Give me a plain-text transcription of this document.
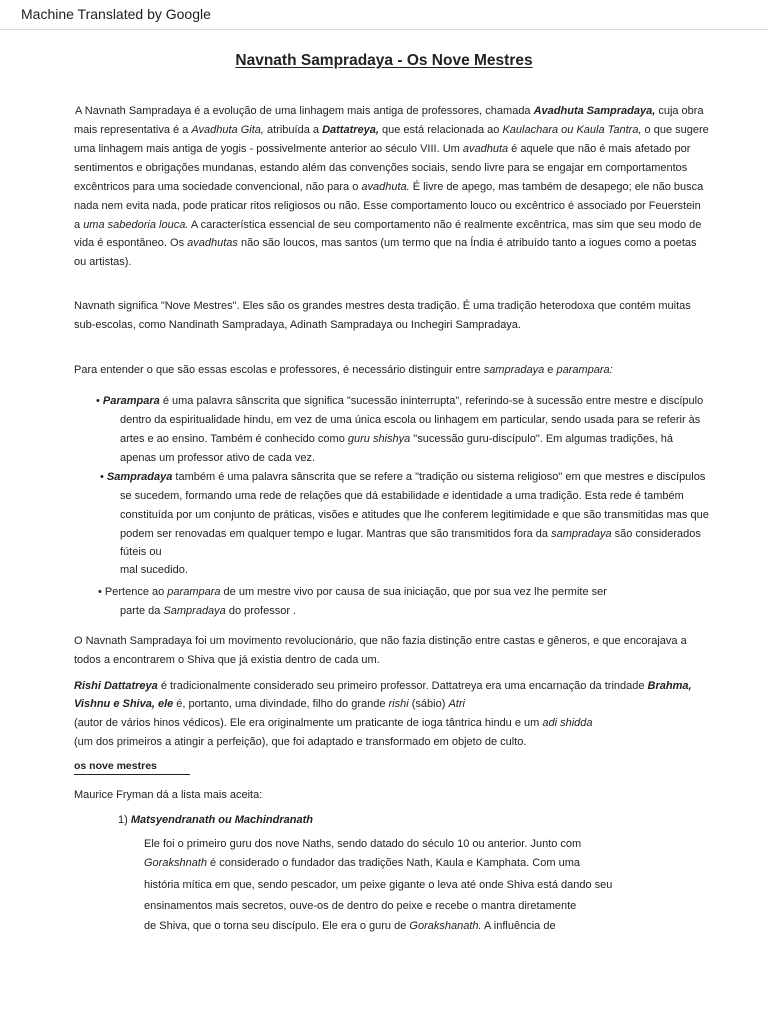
Machine Translated by Google
Navnath Sampradaya - Os Nove Mestres
A Navnath Sampradaya é a evolução de uma linhagem mais antiga de professores, chamada Avadhuta Sampradaya, cuja obra
mais representativa é a Avadhuta Gita, atribuída a Dattatreya, que está relacionada ao Kaulachara ou Kaula Tantra, o que sugere
uma linhagem mais antiga de yogis - possivelmente anterior ao século VIII. Um avadhuta é aquele que não é mais afetado por
sentimentos e obrigações mundanas, estando além das convenções sociais, sendo livre para se engajar em comportamentos
excêntricos para uma sociedade convencional, não para o avadhuta. É livre de apego, mas também de desapego; ele não busca
nada nem evita nada, pode praticar ritos religiosos ou não. Esse comportamento louco ou excêntrico é associado por Feuerstein
a uma sabedoria louca. A característica essencial de seu comportamento não é realmente excêntrica, mas sim que seu modo de
vida é espontâneo. Os avadhutas não são loucos, mas santos (um termo que na Índia é atribuído tanto a iogues como a poetas
ou artistas).
Navnath significa "Nove Mestres". Eles são os grandes mestres desta tradição. É uma tradição heterodoxa que contém muitas
sub-escolas, como Nandinath Sampradaya, Adinath Sampradaya ou Inchegiri Sampradaya.
Para entender o que são essas escolas e professores, é necessário distinguir entre sampradaya e parampara:
• Parampara é uma palavra sânscrita que significa "sucessão ininterrupta", referindo-se à sucessão entre mestre e discípulo
dentro da espiritualidade hindu, em vez de uma única escola ou linhagem em particular, sendo usada para se referir às
artes e ao ensino. Também é conhecido como guru shishya "sucessão guru-discípulo". Em algumas tradições, há
apenas um professor ativo de cada vez.
• Sampradaya também é uma palavra sânscrita que se refere a "tradição ou sistema religioso" em que mestres e discípulos
se sucedem, formando uma rede de relações que dá estabilidade e identidade a uma tradição. Esta rede é também
constituída por um conjunto de práticas, visões e atitudes que lhe conferem legitimidade e que são transmitidas mas que
podem ser renovadas em qualquer tempo e lugar. Mantras que são transmitidos fora da sampradaya são considerados
fúteis ou
mal sucedido.
• Pertence ao parampara de um mestre vivo por causa de sua iniciação, que por sua vez lhe permite ser
parte da Sampradaya do professor .
O Navnath Sampradaya foi um movimento revolucionário, que não fazia distinção entre castas e gêneros, e que encorajava a
todos a encontrarem o Shiva que já existia dentro de cada um.
Rishi Dattatreya é tradicionalmente considerado seu primeiro professor. Dattatreya era uma encarnação da trindade Brahma,
Vishnu e Shiva, ele é, portanto, uma divindade, filho do grande rishi (sábio) Atri
(autor de vários hinos védicos). Ele era originalmente um praticante de ioga tântrica hindu e um adi shidda
(um dos primeiros a atingir a perfeição), que foi adaptado e transformado em objeto de culto.
Maurice Fryman dá a lista mais aceita:
1) Matsyendranath ou Machindranath
Ele foi o primeiro guru dos nove Naths, sendo datado do século 10 ou anterior. Junto com
Gorakshnath é considerado o fundador das tradições Nath, Kaula e Kamphata. Com uma
história mítica em que, sendo pescador, um peixe gigante o leva até onde Shiva está dando seu
ensinamentos mais secretos, ouve-os de dentro do peixe e recebe o mantra diretamente
de Shiva, que o torna seu discípulo. Ele era o guru de Gorakshanath. A influência de
os nove mestres
